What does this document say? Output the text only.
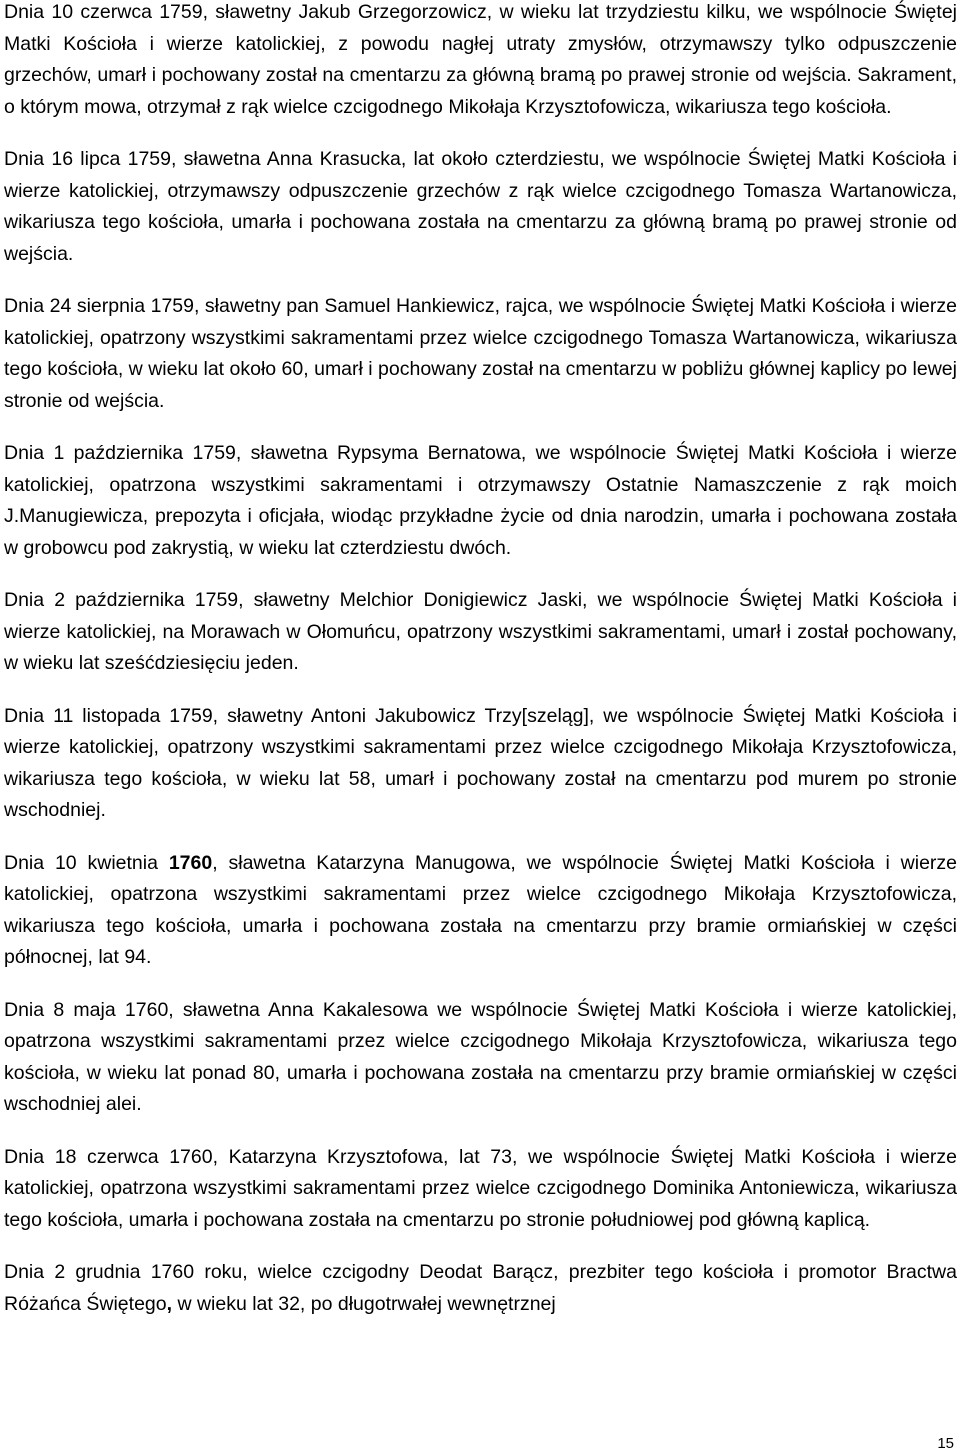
Dnia 10 czerwca 1759, sławetny Jakub Grzegorzowicz, w wieku lat trzydziestu kilku, we wspólnocie Świętej Matki Kościoła i wierze katolickiej, z powodu nagłej utraty zmysłów, otrzymawszy tylko odpuszczenie grzechów, umarł i pochowany został na cmentarzu za główną bramą po prawej stronie od wejścia. Sakrament, o którym mowa, otrzymał z rąk wielce czcigodnego Mikołaja Krzysztofowicza, wikariusza tego kościoła.

Dnia 16 lipca 1759, sławetna Anna Krasucka, lat około czterdziestu, we wspólnocie Świętej Matki Kościoła i wierze katolickiej, otrzymawszy odpuszczenie grzechów z rąk wielce czcigodnego Tomasza Wartanowicza, wikariusza tego kościoła, umarła i pochowana została na cmentarzu za główną bramą po prawej stronie od wejścia.

Dnia 24 sierpnia 1759, sławetny pan Samuel Hankiewicz, rajca, we wspólnocie Świętej Matki Kościoła i wierze katolickiej, opatrzony wszystkimi sakramentami przez wielce czcigodnego Tomasza Wartanowicza, wikariusza tego kościoła, w wieku lat około 60, umarł i pochowany został na cmentarzu w pobliżu głównej kaplicy po lewej stronie od wejścia.

Dnia 1 października 1759, sławetna Rypsyma Bernatowa, we wspólnocie Świętej Matki Kościoła i wierze katolickiej, opatrzona wszystkimi sakramentami i otrzymawszy Ostatnie Namaszczenie z rąk moich J.Manugiewicza, prepozyta i oficjała, wiodąc przykładne życie od dnia narodzin, umarła i pochowana została w grobowcu pod zakrystią, w wieku lat czterdziestu dwóch.

Dnia 2 października 1759, sławetny Melchior Donigiewicz Jaski, we wspólnocie Świętej Matki Kościoła i wierze katolickiej, na Morawach w Ołomuńcu, opatrzony wszystkimi sakramentami, umarł i został pochowany, w wieku lat sześćdziesięciu jeden.

Dnia 11 listopada 1759, sławetny Antoni Jakubowicz Trzy[szeląg], we wspólnocie Świętej Matki Kościoła i wierze katolickiej, opatrzony wszystkimi sakramentami przez wielce czcigodnego Mikołaja Krzysztofowicza, wikariusza tego kościoła, w wieku lat 58, umarł i pochowany został na cmentarzu pod murem po stronie wschodniej.

Dnia 10 kwietnia 1760, sławetna Katarzyna Manugowa, we wspólnocie Świętej Matki Kościoła i wierze katolickiej, opatrzona wszystkimi sakramentami przez wielce czcigodnego Mikołaja Krzysztofowicza, wikariusza tego kościoła, umarła i pochowana została na cmentarzu przy bramie ormiańskiej w części północnej, lat 94.

Dnia 8 maja 1760, sławetna Anna Kakalesowa we wspólnocie Świętej Matki Kościoła i wierze katolickiej, opatrzona wszystkimi sakramentami przez wielce czcigodnego Mikołaja Krzysztofowicza, wikariusza tego kościoła, w wieku lat ponad 80, umarła i pochowana została na cmentarzu przy bramie ormiańskiej w części wschodniej alei.

Dnia 18 czerwca 1760, Katarzyna Krzysztofowa, lat 73, we wspólnocie Świętej Matki Kościoła i wierze katolickiej, opatrzona wszystkimi sakramentami przez wielce czcigodnego Dominika Antoniewicza, wikariusza tego kościoła, umarła i pochowana została na cmentarzu po stronie południowej pod główną kaplicą.

Dnia 2 grudnia 1760 roku, wielce czcigodny Deodat Barącz, prezbiter tego kościoła i promotor Bractwa Różańca Świętego, w wieku lat 32, po długotrwałej wewnętrznej

15
